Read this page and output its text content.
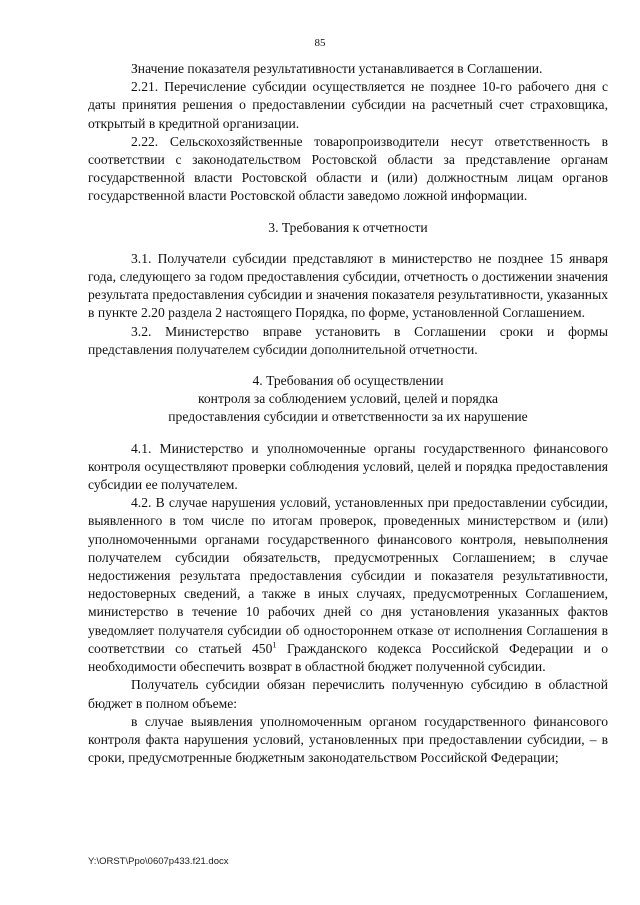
85

Значение показателя результативности устанавливается в Соглашении.

2.21. Перечисление субсидии осуществляется не позднее 10-го рабочего дня с даты принятия решения о предоставлении субсидии на расчетный счет страховщика, открытый в кредитной организации.

2.22. Сельскохозяйственные товаропроизводители несут ответственность в соответствии с законодательством Ростовской области за представление органам государственной власти Ростовской области и (или) должностным лицам органов государственной власти Ростовской области заведомо ложной информации.

3. Требования к отчетности

3.1. Получатели субсидии представляют в министерство не позднее 15 января года, следующего за годом предоставления субсидии, отчетность о достижении значения результата предоставления субсидии и значения показателя результативности, указанных в пункте 2.20 раздела 2 настоящего Порядка, по форме, установленной Соглашением.

3.2. Министерство вправе установить в Соглашении сроки и формы представления получателем субсидии дополнительной отчетности.

4. Требования об осуществлении

контроля за соблюдением условий, целей и порядка

предоставления субсидии и ответственности за их нарушение

4.1. Министерство и уполномоченные органы государственного финансового контроля осуществляют проверки соблюдения условий, целей и порядка предоставления субсидии ее получателем.

4.2. В случае нарушения условий, установленных при предоставлении субсидии, выявленного в том числе по итогам проверок, проведенных министерством и (или) уполномоченными органами государственного финансового контроля, невыполнения получателем субсидии обязательств, предусмотренных Соглашением; в случае недостижения результата предоставления субсидии и показателя результативности, недостоверных сведений, а также в иных случаях, предусмотренных Соглашением, министерство в течение 10 рабочих дней со дня установления указанных фактов уведомляет получателя субсидии об одностороннем отказе от исполнения Соглашения в соответствии со статьей $450^1$ Гражданского кодекса Российской Федерации и о необходимости обеспечить возврат в областной бюджет полученной субсидии.

Получатель субсидии обязан перечислить полученную субсидию в областной бюджет в полном объеме:

в случае выявления уполномоченным органом государственного финансового контроля факта нарушения условий, установленных при предоставлении субсидии, – в сроки, предусмотренные бюджетным законодательством Российской Федерации;

Y:\ORST\Ppo\0607p433.f21.docx
